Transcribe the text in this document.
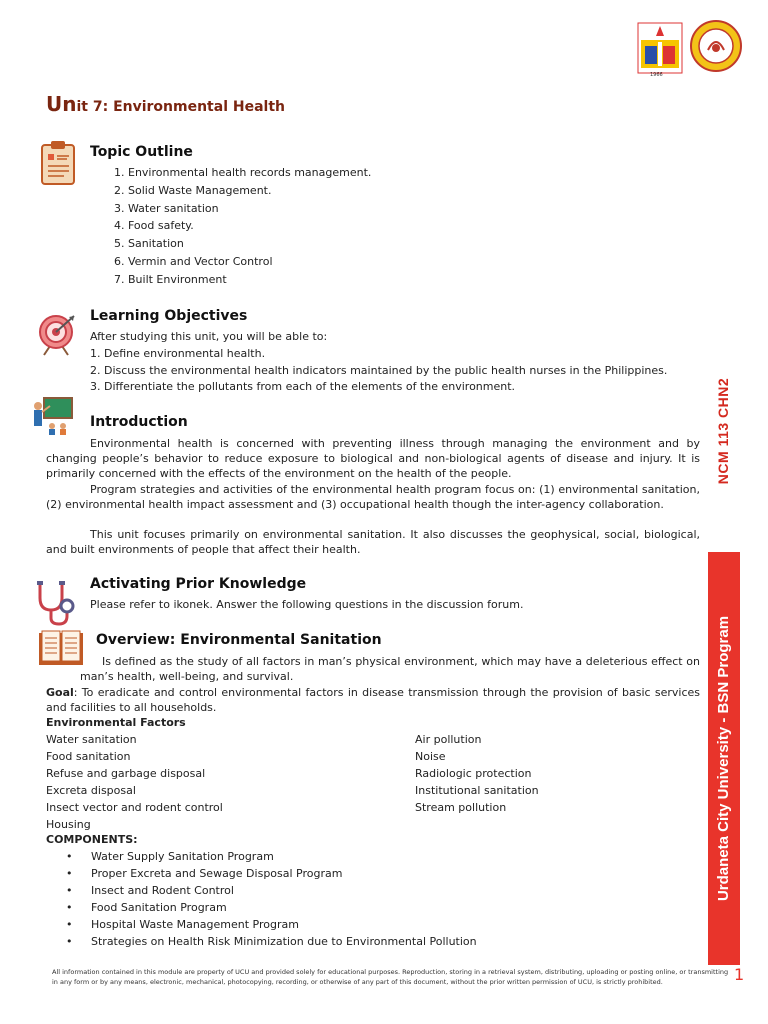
1966
Unit 7: Environmental Health
Topic Outline
1. Environmental health records management.
2. Solid Waste Management.
3. Water sanitation
4. Food safety.
5. Sanitation
6. Vermin and Vector Control
7. Built Environment
Learning Objectives
After studying this unit, you will be able to:
1. Define environmental health.
2. Discuss the environmental health indicators maintained by the public health nurses in the Philippines.
3. Differentiate the pollutants from each of the elements of the environment.
Introduction
Environmental health is concerned with preventing illness through managing the environment and by changing people’s behavior to reduce exposure to biological and non-biological agents of disease and injury. It is primarily concerned with the effects of the environment on the health of the people.
Program strategies and activities of the environmental health program focus on: (1) environmental sanitation, (2) environmental health impact assessment and (3) occupational health though the inter-agency collaboration.
This unit focuses primarily on environmental sanitation. It also discusses the geophysical, social, biological, and built environments of people that affect their health.
Activating Prior Knowledge
Please refer to ikonek. Answer the following questions in the discussion forum.
Overview: Environmental Sanitation
Is defined as the study of all factors in man’s physical environment, which may have a deleterious effect on man’s health, well-being, and survival.
Goal: To eradicate and control environmental factors in disease transmission through the provision of basic services and facilities to all households.
Environmental Factors
Water sanitation
Food sanitation
Refuse and garbage disposal
Excreta disposal
Insect vector and rodent control
Housing
Air pollution
Noise
Radiologic protection
Institutional sanitation
Stream pollution
COMPONENTS:
• Water Supply Sanitation Program
• Proper Excreta and Sewage Disposal Program
• Insect and Rodent Control
• Food Sanitation Program
• Hospital Waste Management Program
• Strategies on Health Risk Minimization due to Environmental Pollution
NCM 113 CHN2
Urdaneta City University - BSN Program
All information contained in this module are property of UCU and provided solely for educational purposes. Reproduction, storing in a retrieval system, distributing, uploading or posting online, or transmitting
in any form or by any means, electronic, mechanical, photocopying, recording, or otherwise of any part of this document, without the prior written permission of UCU, is strictly prohibited.	1
